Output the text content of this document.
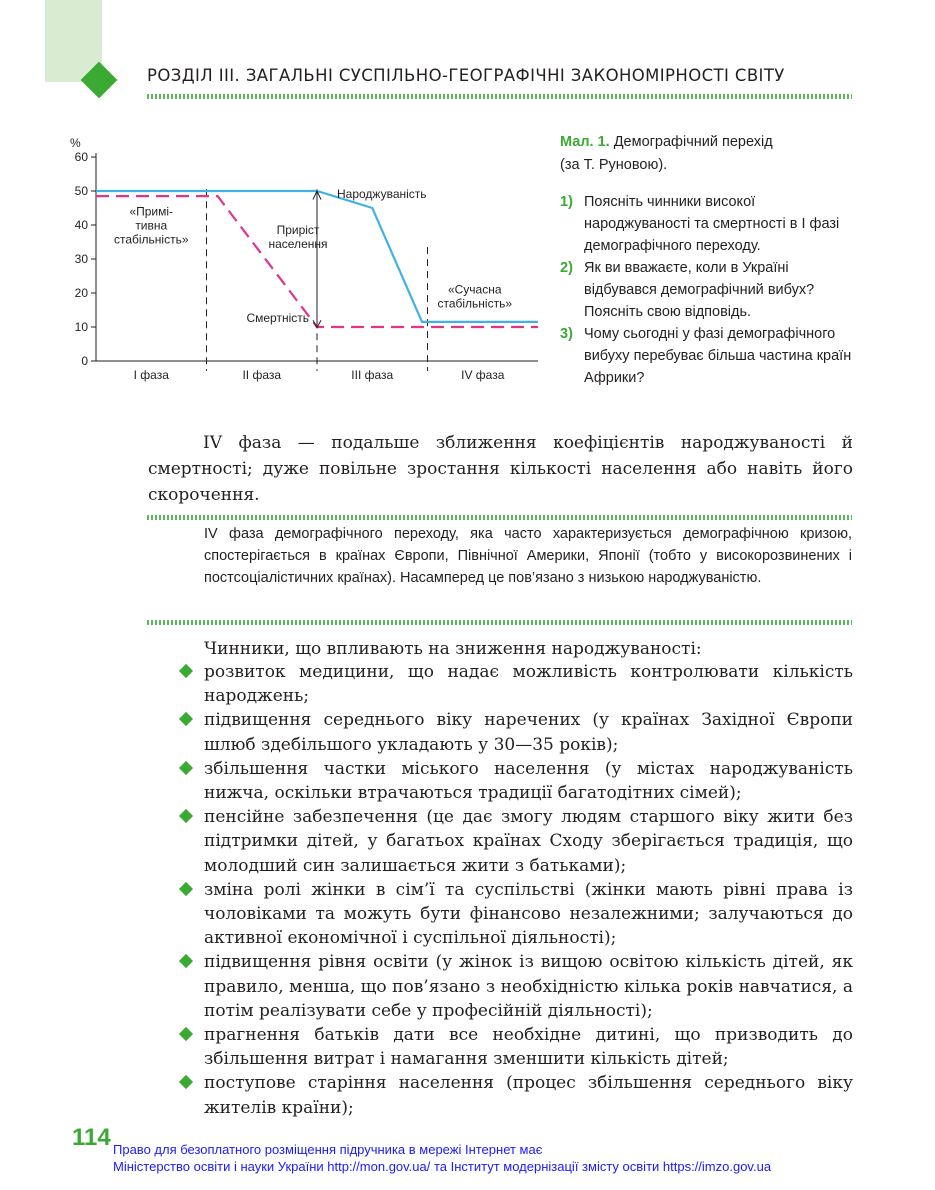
РОЗДІЛ ІІІ. ЗАГАЛЬНІ СУСПІЛЬНО-ГЕОГРАФІЧНІ ЗАКОНОМІРНОСТІ СВІТУ
%
0
10
20
30
40
50
60
І фаза	ІІ фаза	ІІІ фаза	IV фаза
Народжуваність
Смертність
«Примі-тивна стабільність»
Приріст населення
«Сучасна стабільність»
Мал. 1. Демографічний перехід
(за Т. Руновою).
1) Поясніть чинники високої народжуваності та смертності в І фазі демографічного переходу.
2) Як ви вважаєте, коли в Україні відбувався демографічний вибух? Поясніть свою відповідь.
3) Чому сьогодні у фазі демографічного вибуху перебуває більша частина країн Африки?
IV фаза — подальше зближення коефіцієнтів народжуваності й смертності; дуже повільне зростання кількості населення або навіть його скорочення.
IV фаза демографічного переходу, яка часто характеризується демографічною кризою, спостерігається в країнах Європи, Північної Америки, Японії (тобто у високорозвинених і постсоціалістичних країнах). Насамперед це пов’язано з низькою народжуваністю.
Чинники, що впливають на зниження народжуваності:
розвиток медицини, що надає можливість контролювати кількість народжень;
підвищення середнього віку наречених (у країнах Західної Європи шлюб здебільшого укладають у 30—35 років);
збільшення частки міського населення (у містах народжуваність нижча, оскільки втрачаються традиції багатодітних сімей);
пенсійне забезпечення (це дає змогу людям старшого віку жити без підтримки дітей, у багатьох країнах Сходу зберігається традиція, що молодший син залишається жити з батьками);
зміна ролі жінки в сім’ї та суспільстві (жінки мають рівні права із чоловіками та можуть бути фінансово незалежними; залучаються до активної економічної і суспільної діяльності);
підвищення рівня освіти (у жінок із вищою освітою кількість дітей, як правило, менша, що пов’язано з необхідністю кілька років навчатися, а потім реалізувати себе у професійній діяльності);
прагнення батьків дати все необхідне дитині, що призводить до збільшення витрат і намагання зменшити кількість дітей;
поступове старіння населення (процес збільшення середнього віку жителів країни);
114 Право для безоплатного розміщення підручника в мережі Інтернет має
Міністерство освіти і науки України http://mon.gov.ua/ та Інститут модернізації змісту освіти https://imzo.gov.ua
